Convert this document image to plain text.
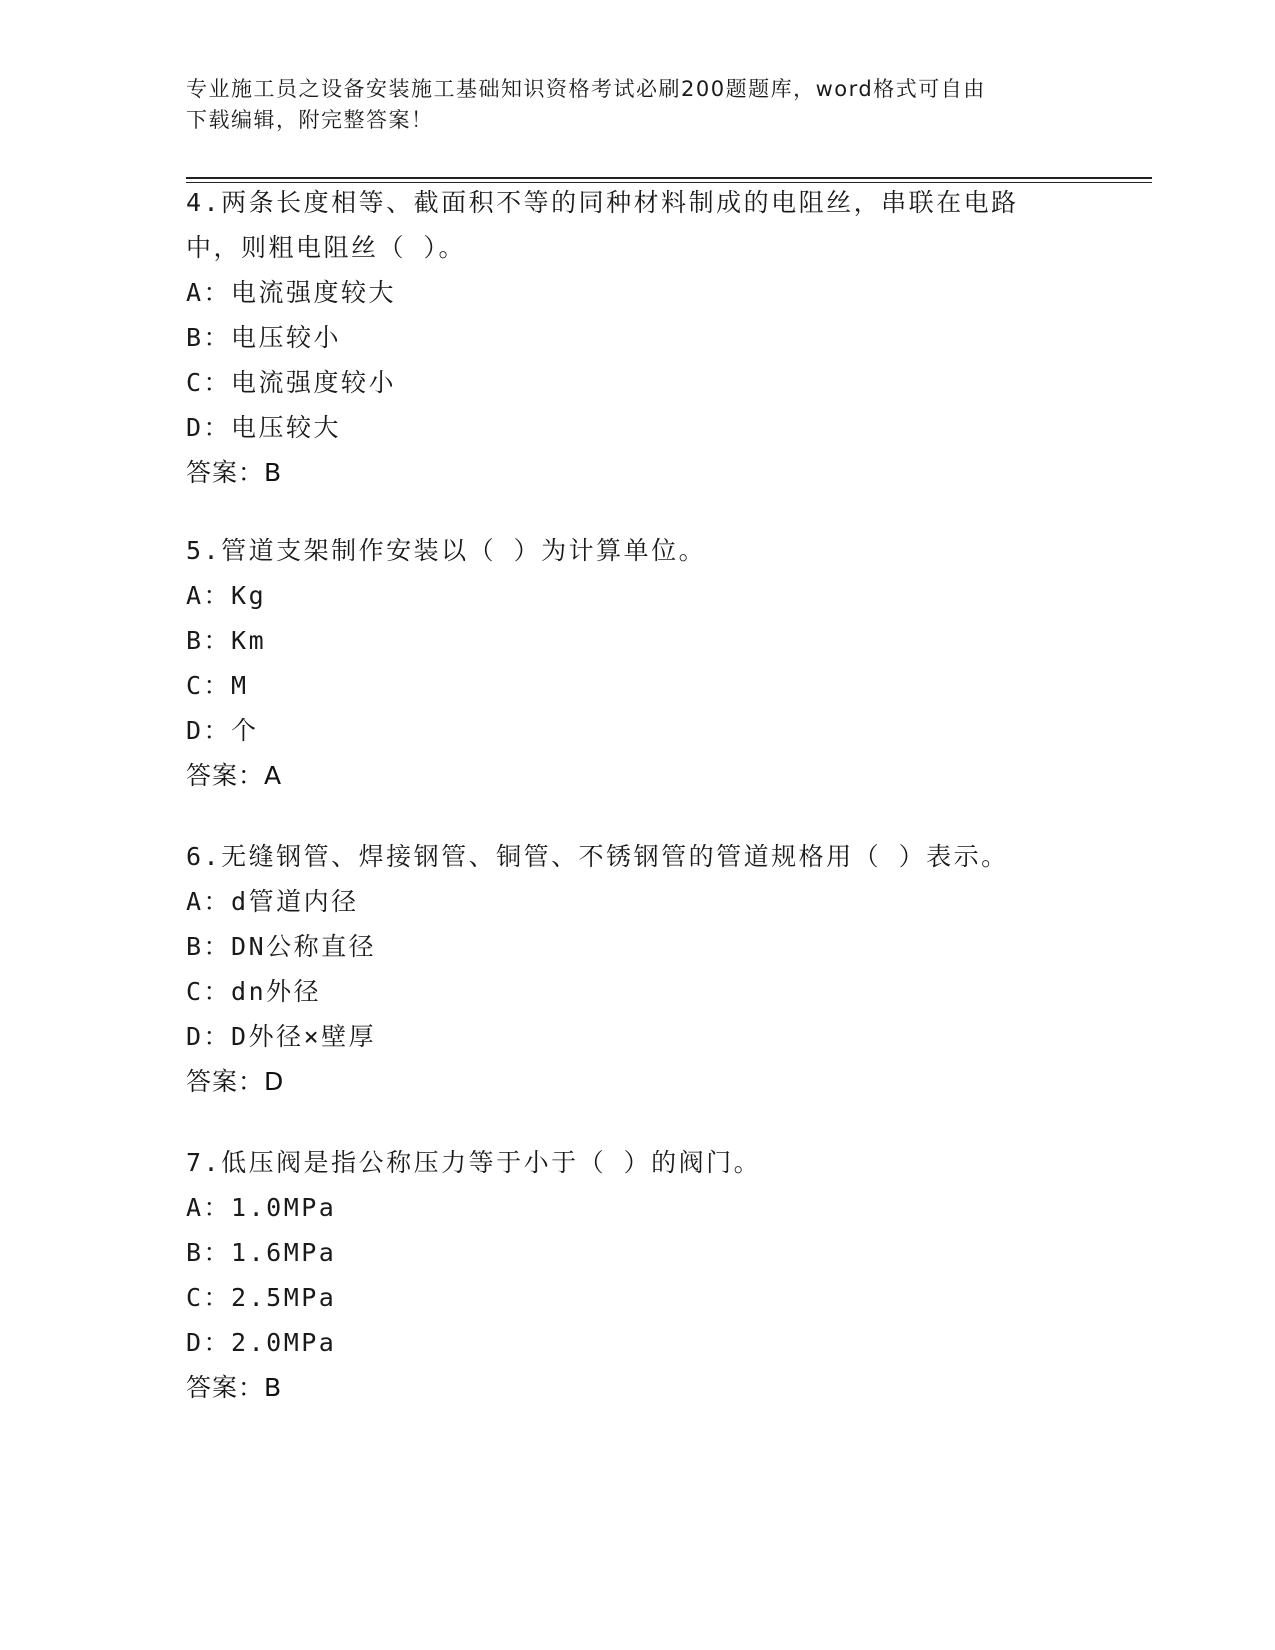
专业施工员之设备安装施工基础知识资格考试必刷200题题库，word格式可自由
下载编辑，附完整答案！
4.两条长度相等、截面积不等的同种材料制成的电阻丝，串联在电路
中，则粗电阻丝（ ）。
A：电流强度较大
B：电压较小
C：电流强度较小
D：电压较大
答案：B
5.管道支架制作安装以（ ）为计算单位。
A：Kg
B：Km
C：M
D：个
答案：A
6.无缝钢管、焊接钢管、铜管、不锈钢管的管道规格用（ ）表示。
A：d管道内径
B：DN公称直径
C：dn外径
D：D外径×壁厚
答案：D
7.低压阀是指公称压力等于小于（ ）的阀门。
A：1.0MPa
B：1.6MPa
C：2.5MPa
D：2.0MPa
答案：B
